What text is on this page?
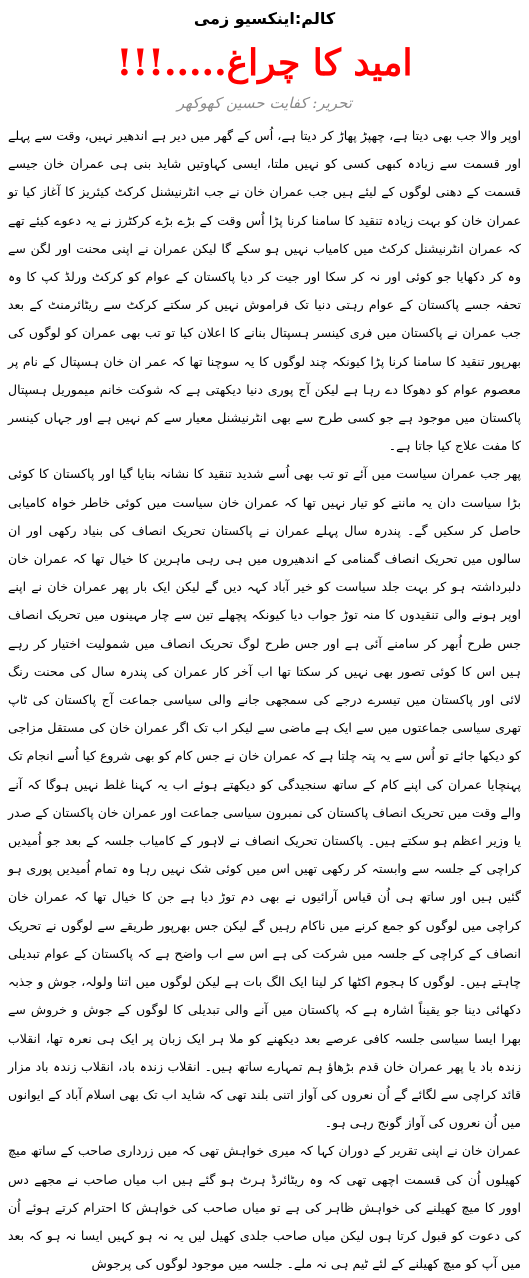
کالم:اینکسیو زمی
امید کا چراغ.....!!!
تحریر: کفایت حسین کھوکھر

اوپر والا جب بھی دیتا ہے، چھپڑ پھاڑ کر دیتا ہے، اُس کے گھر میں دیر ہے اندھیر نہیں، وقت سے پہلے اور قسمت سے زیادہ کبھی کسی کو نہیں ملتا، ایسی کہاوتیں شاید بنی ہی عمران خان جیسے قسمت کے دھنی لوگوں کے لیئے ہیں جب عمران خان نے جب انٹرنیشنل کرکٹ کیئریز کا آغاز کیا تو عمران خان کو بہت زیادہ تنقید کا سامنا کرنا پڑا اُس وقت کے بڑے بڑے کرکٹرز نے یہ دعوے کیئے تھے کہ عمران انٹرنیشنل کرکٹ میں کامیاب نہیں ہو سکے گا لیکن عمران نے اپنی محنت اور لگن سے وہ کر دکھایا جو کوئی اور نہ کر سکا اور جیت کر دیا پاکستان کے عوام کو کرکٹ ورلڈ کپ کا وہ تحفہ جسے پاکستان کے عوام رہتی دنیا تک فراموش نہیں کر سکتے کرکٹ سے ریٹائرمنٹ کے بعد جب عمران نے پاکستان میں فری کینسر ہسپتال بنانے کا اعلان کیا تو تب بھی عمران کو لوگوں کی بھرپور تنقید کا سامنا کرنا پڑا کیونکہ چند لوگوں کا یہ سوچنا تھا کہ عمر ان خان ہسپتال کے نام پر معصوم عوام کو دھوکا دے رہا ہے لیکن آج پوری دنیا دیکھتی ہے کہ شوکت خانم میموریل ہسپتال پاکستان میں موجود ہے جو کسی طرح سے بھی انٹرنیشنل معیار سے کم نہیں ہے اور جہاں کینسر کا مفت علاج کیا جاتا ہے۔

پھر جب عمران سیاست میں آئے تو تب بھی اُسے شدید تنقید کا نشانہ بنایا گیا اور پاکستان کا کوئی بڑا سیاست دان یہ ماننے کو تیار نہیں تھا کہ عمران خان سیاست میں کوئی خاطر خواہ کامیابی حاصل کر سکیں گے۔ پندرہ سال پہلے عمران نے پاکستان تحریک انصاف کی بنیاد رکھی اور ان سالوں میں تحریک انصاف گمنامی کے اندھیروں میں ہی رہی ماہرین کا خیال تھا کہ عمران خان دلبرداشتہ ہو کر بہت جلد سیاست کو خیر آباد کہہ دیں گے لیکن ایک بار پھر عمران خان نے اپنے اوپر ہونے والی تنقیدوں کا منہ توڑ جواب دیا کیونکہ پچھلے تین سے چار مہینوں میں تحریک انصاف جس طرح اُبھر کر سامنے آئی ہے اور جس طرح لوگ تحریک انصاف میں شمولیت اختیار کر رہے ہیں اس کا کوئی تصور بھی نہیں کر سکتا تھا اب آخر کار عمران کی پندرہ سال کی محنت رنگ لائی اور پاکستان میں تیسرے درجے کی سمجھی جانے والی سیاسی جماعت آج پاکستان کی ٹاپ تھری سیاسی جماعتوں میں سے ایک ہے ماضی سے لیکر اب تک اگر عمران خان کی مستقل مزاجی کو دیکھا جائے تو اُس سے یہ پتہ چلتا ہے کہ عمران خان نے جس کام کو بھی شروع کیا اُسے انجام تک پہنچایا عمران کی اپنے کام کے ساتھ سنجیدگی کو دیکھتے ہوئے اب یہ کہنا غلط نہیں ہوگا کہ آنے والے وقت میں تحریک انصاف پاکستان کی نمبرون سیاسی جماعت اور عمران خان پاکستان کے صدر یا وزیر اعظم ہو سکتے ہیں۔ پاکستان تحریک انصاف نے لاہور کے کامیاب جلسہ کے بعد جو اُمیدیں کراچی کے جلسہ سے وابستہ کر رکھی تھیں اس میں کوئی شک نہیں رہا وہ تمام اُمیدیں پوری ہو گئیں ہیں اور ساتھ ہی اُن قیاس آرائیوں نے بھی دم توڑ دیا ہے جن کا خیال تھا کہ عمران خان کراچی میں لوگوں کو جمع کرنے میں ناکام رہیں گے لیکن جس بھرپور طریقے سے لوگوں نے تحریک انصاف کے کراچی کے جلسہ میں شرکت کی ہے اس سے اب واضح ہے کہ پاکستان کے عوام تبدیلی چاہتے ہیں۔ لوگوں کا ہجوم اکٹھا کر لینا ایک الگ بات ہے لیکن لوگوں میں اتنا ولولہ، جوش و جذبہ دکھائی دینا جو یقیناً اشارہ ہے کہ پاکستان میں آنے والی تبدیلی کا لوگوں کے جوش و خروش سے بھرا ایسا سیاسی جلسہ کافی عرصے بعد دیکھنے کو ملا ہر ایک زبان پر ایک ہی نعرہ تھا، انقلاب زندہ باد یا پھر عمران خان قدم بڑھاؤ ہم تمہارے ساتھ ہیں۔ انقلاب زندہ باد، انقلاب زندہ باد مزار قائد کراچی سے لگائے گے اُن نعروں کی آواز اتنی بلند تھی کہ شاید اب تک بھی اسلام آباد کے ایوانوں میں اُن نعروں کی آواز گونج رہی ہو۔

عمران خان نے اپنی تقریر کے دوران کہا کہ میری خواہش تھی کہ میں زرداری صاحب کے ساتھ میچ کھیلوں اُن کی قسمت اچھی تھی کہ وہ ریٹائرڈ ہرٹ ہو گئے ہیں اب میاں صاحب نے مجھے دس اوور کا میچ کھیلنے کی خواہش ظاہر کی ہے تو میاں صاحب کی خواہش کا احترام کرتے ہوئے اُن کی دعوت کو قبول کرتا ہوں لیکن میاں صاحب جلدی کھیل لیں یہ نہ ہو کہیں ایسا نہ ہو کہ بعد میں آپ کو میچ کھیلنے کے لئے ٹیم ہی نہ ملے۔ جلسہ میں موجود لوگوں کی پرجوش
